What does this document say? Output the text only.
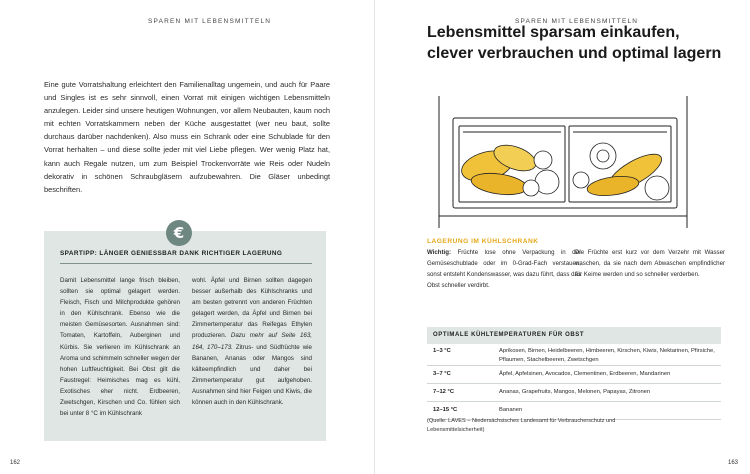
SPAREN MIT LEBENSMITTELN
Eine gute Vorratshaltung erleichtert den Familienalltag ungemein, und auch für Paare und Singles ist es sehr sinnvoll, einen Vorrat mit einigen wichtigen Lebensmitteln anzulegen. Leider sind unsere heutigen Wohnungen, vor allem Neubauten, kaum noch mit echten Vorratskammern neben der Küche ausgestattet (wer neu baut, sollte durchaus darüber nachdenken). Also muss ein Schrank oder eine Schublade für den Vorrat herhalten – und diese sollte jeder mit viel Liebe pflegen. Wer wenig Platz hat, kann auch Regale nutzen, um zum Beispiel Trockenvorräte wie Reis oder Nudeln dekorativ in schönen Schraubgläsern aufzubewahren. Die Gläser unbedingt beschriften.
SPARTIPP: LÄNGER GENIESSBAR DANK RICHTIGER LAGERUNG
Damit Lebensmittel lange frisch bleiben, sollten sie optimal gelagert werden. Fleisch, Fisch und Milchprodukte gehören in den Kühlschrank. Ebenso wie die meisten Gemüsesorten. Ausnahmen sind: Tomaten, Kartoffeln, Auberginen und Kürbis. Sie verlieren im Kühlschrank an Aroma und schimmeln schneller wegen der hohen Luftfeuchtigkeit. Bei Obst gilt die Faustregel: Heimisches mag es kühl, Exotisches eher nicht. Erdbeeren, Zwetschgen, Kirschen und Co. fühlen sich bei unter 8 °C im Kühlschrank
wohl. Äpfel und Birnen sollten dagegen besser außerhalb des Kühlschranks und am besten getrennt von anderen Früchten gelagert werden, da Äpfel und Birnen bei Zimmertemperatur das Reifegas Ethylen produzieren. Dazu mehr auf Seite 163, 164, 170–173. Zitrus- und Südfrüchte wie Bananen, Ananas oder Mangos sind kälteempfindlich und daher bei Zimmertemperatur gut aufgehoben. Ausnahmen sind hier Feigen und Kiwis, die können auch in den Kühlschrank.
€
162
SPAREN MIT LEBENSMITTELN
Lebensmittel sparsam einkaufen, clever verbrauchen und optimal lagern
LAGERUNG IM KÜHLSCHRANK
Wichtig: Früchte lose ohne Verpackung in der Gemüseschublade oder im 0-Grad-Fach verstauen, sonst entsteht Kondenswasser, was dazu führt, dass das Obst schneller verdirbt.
Die Früchte erst kurz vor dem Verzehr mit Wasser waschen, da sie nach dem Abwaschen empfindlicher für Keime werden und so schneller verderben.
OPTIMALE KÜHLTEMPERATUREN FÜR OBST
1–3 °C	Aprikosen, Birnen, Heidelbeeren, Himbeeren, Kirschen, Kiwis, Nektarinen, Pfirsiche, Pflaumen, Stachelbeeren, Zwetschgen
3–7 °C	Äpfel, Apfelsinen, Avocados, Clementinen, Erdbeeren, Mandarinen
7–12 °C	Ananas, Grapefruits, Mangos, Melonen, Papayas, Zitronen
12–15 °C	Bananen
(Quelle: LAVES – Niedersächsisches Landesamt für Verbraucherschutz und Lebensmittelsicherheit)
163
